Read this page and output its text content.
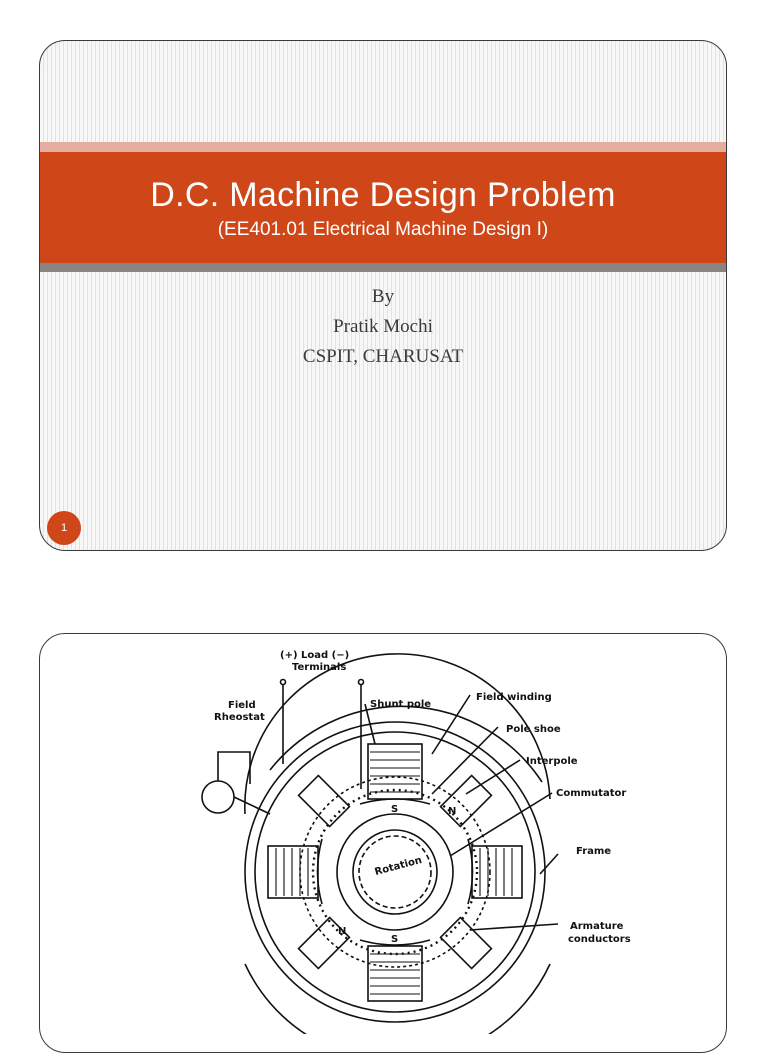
D.C. Machine Design Problem
(EE401.01 Electrical Machine Design I)
By
Pratik Mochi
CSPIT, CHARUSAT
1
(+) Load (−)
Terminals
Field
Rheostat
Shunt pole
Field winding
Pole shoe
Interpole
Commutator
Frame
Armature
conductors
Rotation
S
S
N
N
